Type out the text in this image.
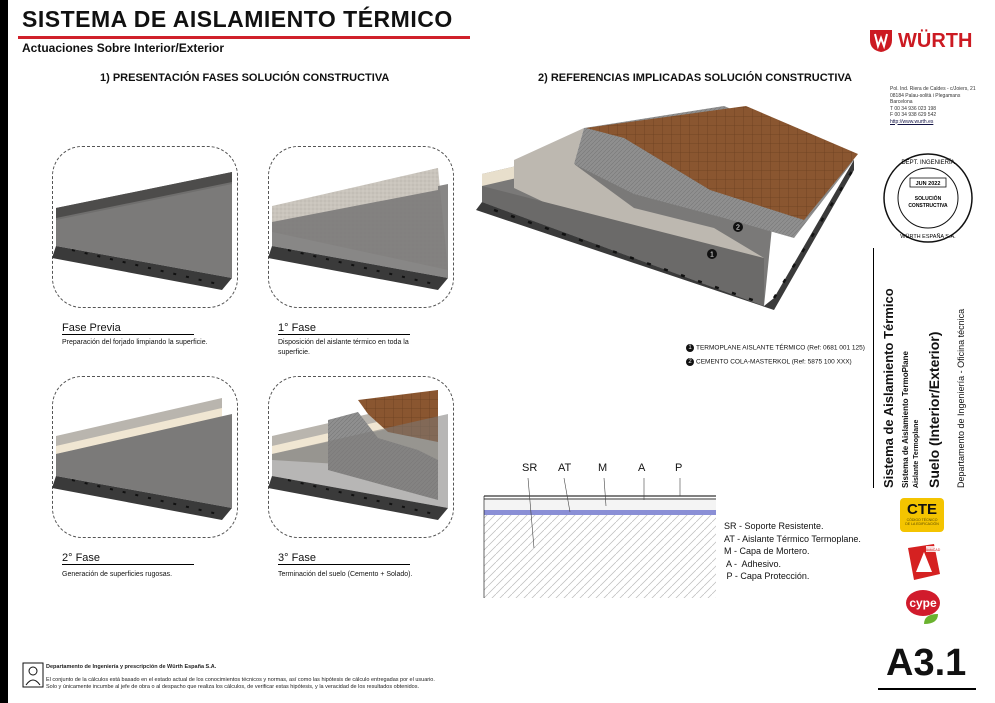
SISTEMA DE AISLAMIENTO TÉRMICO
Actuaciones Sobre Interior/Exterior
1) PRESENTACIÓN FASES SOLUCIÓN CONSTRUCTIVA	2) REFERENCIAS IMPLICADAS SOLUCIÓN CONSTRUCTIVA
Fase Previa
Preparación del forjado limpiando la superficie.
1° Fase
Disposición del aislante térmico en toda la superficie.
2° Fase
Generación de superficies rugosas.
3° Fase
Terminación del suelo (Cemento + Solado).
1
2
1 TERMOPLANE AISLANTE TÉRMICO (Ref: 0681 001 125)
2 CEMENTO COLA-MASTERKOL (Ref: 5875 100 XXX)
SR AT M	A	P
SR - Soporte Resistente.
AT - Aislante Térmico Termoplane.
M - Capa de Mortero.
A -  Adhesivo.
P - Capa Protección.
WÜRTH
Pol. Ind. Riera de Caldes - c/Joiers, 21
08184 Palau-solità i Plegamans
Barcelona
T 00 34 936 023 198
F 00 34 938 629 542
http://www.wurth.es
DEPT. INGENIERÍA
JUN 2022
SOLUCIÓN
CONSTRUCTIVA
WÜRTH ESPAÑA S.A.
Sistema de Aislamiento Térmico Sistema de Aislamiento TermoPlane Aislante Termoplane Suelo (Interior/Exterior) Departamento de Ingeniería - Oficina técnica
CTE
CÓDIGO TÉCNICO DE LA EDIFICACIÓN
AutoCAD
cype
A3.1
Departamento de Ingeniería y prescripción de Würth España S.A.
El conjunto de la cálculos está basado en el estado actual de los conocimientos técnicos y normas, así como las hipótesis de cálculo entregadas por el usuario.
Solo y únicamente incumbe al jefe de obra o al despacho que realiza los cálculos, de verificar estas hipótesis, y la veracidad de los resultados obtenidos.
